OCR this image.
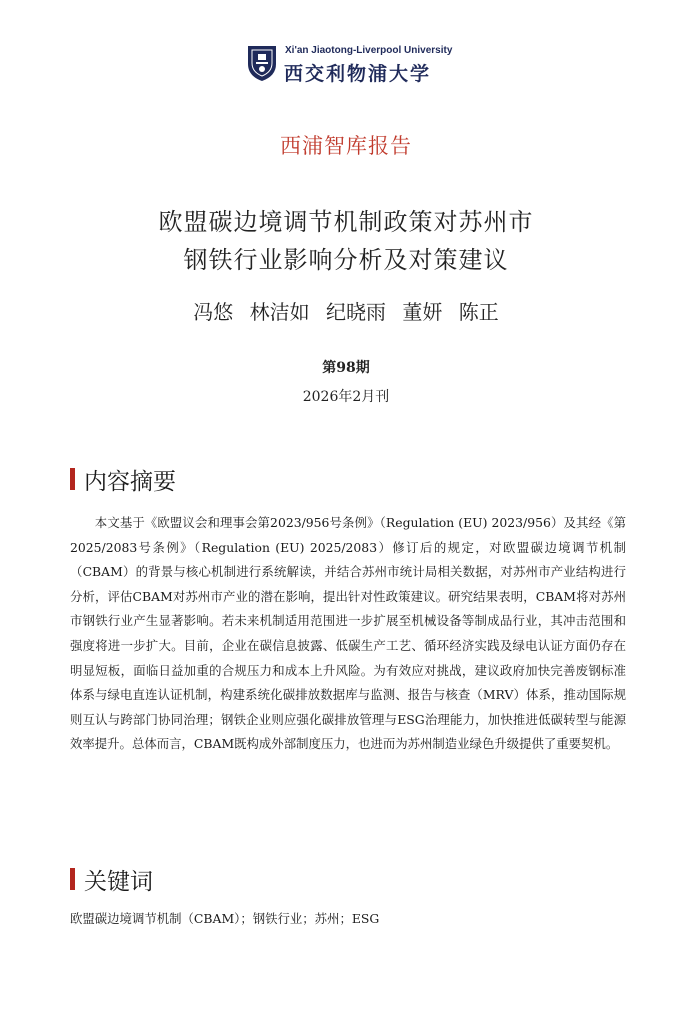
Xi'an Jiaotong-Liverpool University
西交利物浦大学
西浦智库报告
欧盟碳边境调节机制政策对苏州市
钢铁行业影响分析及对策建议
冯悠 林洁如 纪晓雨 董妍 陈正
第98期
2026年2月刊
内容摘要

本文基于《欧盟议会和理事会第2023/956号条例》（Regulation (EU) 2023/956）及其经《第2025/2083号条例》（Regulation (EU) 2025/2083）修订后的规定，对欧盟碳边境调节机制（CBAM）的背景与核心机制进行系统解读，并结合苏州市统计局相关数据，对苏州市产业结构进行分析，评估CBAM对苏州市产业的潜在影响，提出针对性政策建议。研究结果表明，CBAM将对苏州市钢铁行业产生显著影响。若未来机制适用范围进一步扩展至机械设备等制成品行业，其冲击范围和强度将进一步扩大。目前，企业在碳信息披露、低碳生产工艺、循环经济实践及绿电认证方面仍存在明显短板，面临日益加重的合规压力和成本上升风险。为有效应对挑战，建议政府加快完善废钢标准体系与绿电直连认证机制，构建系统化碳排放数据库与监测、报告与核查（MRV）体系，推动国际规则互认与跨部门协同治理；钢铁企业则应强化碳排放管理与ESG治理能力，加快推进低碳转型与能源效率提升。总体而言，CBAM既构成外部制度压力，也进而为苏州制造业绿色升级提供了重要契机。

关键词
欧盟碳边境调节机制（CBAM）；钢铁行业；苏州；ESG
